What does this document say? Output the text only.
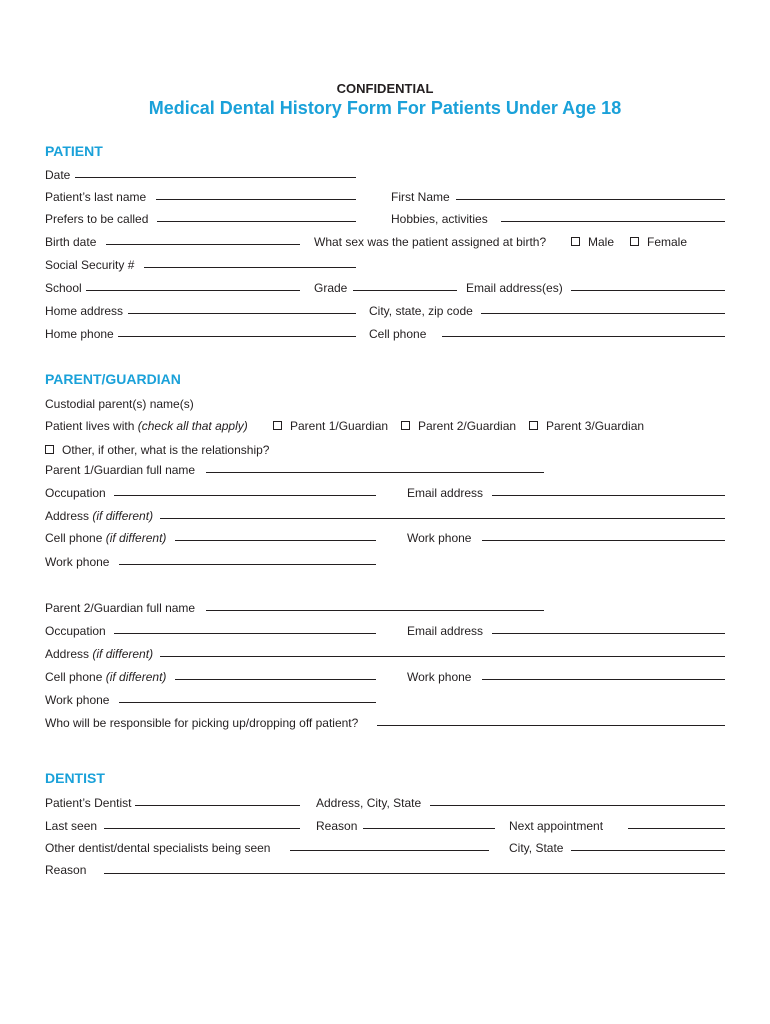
CONFIDENTIAL
Medical Dental History Form For Patients Under Age 18
PATIENT
Date
Patient’s last name	First Name
Prefers to be called	Hobbies, activities
Birth date	What sex was the patient assigned at birth?	Male	Female
Social Security #
School	Grade	Email address(es)
Home address	City, state, zip code
Home phone	Cell phone
PARENT/GUARDIAN
Custodial parent(s) name(s)
Patient lives with (check all that apply)	Parent 1/Guardian Parent 2/Guardian Parent 3/Guardian
Other, if other, what is the relationship?
Parent 1/Guardian full name
Occupation	Email address
Address (if different)
Cell phone (if different)	Work phone
Work phone
Parent 2/Guardian full name
Occupation	Email address
Address (if different)
Cell phone (if different)	Work phone
Work phone
Who will be responsible for picking up/dropping off patient?
DENTIST
Patient’s Dentist	Address, City, State
Last seen	Reason	Next appointment
Other dentist/dental specialists being seen	City, State
Reason
